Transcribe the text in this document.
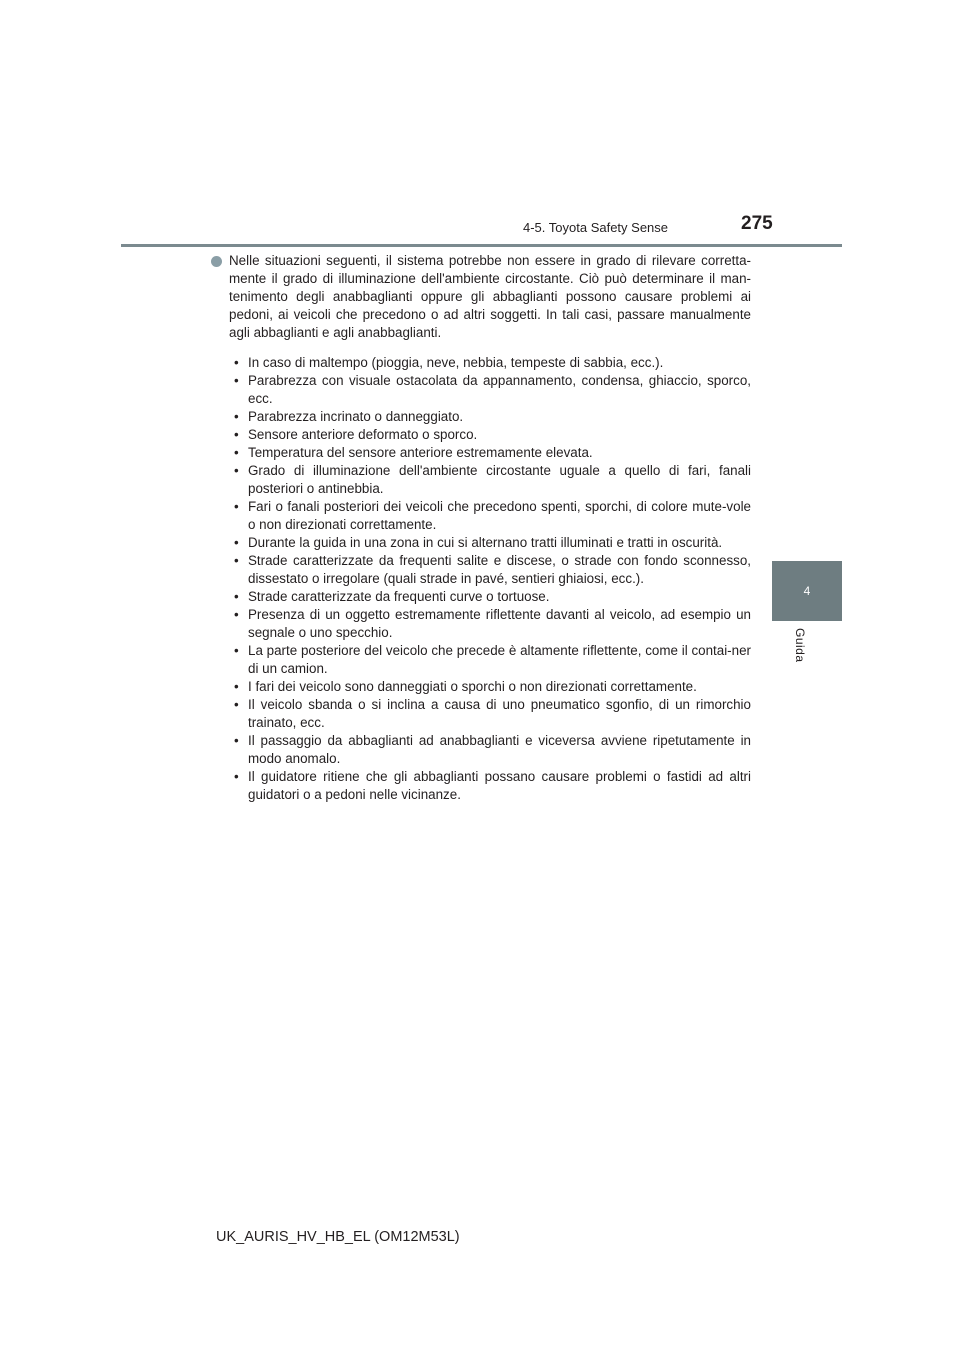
4-5. Toyota Safety Sense	275
4
Guida

Nelle situazioni seguenti, il sistema potrebbe non essere in grado di rilevare corretta-mente il grado di illuminazione dell'ambiente circostante. Ciò può determinare il man-tenimento degli anabbaglianti oppure gli abbaglianti possono causare problemi ai pedoni, ai veicoli che precedono o ad altri soggetti. In tali casi, passare manualmente agli abbaglianti e agli anabbaglianti.

• In caso di maltempo (pioggia, neve, nebbia, tempeste di sabbia, ecc.).
• Parabrezza con visuale ostacolata da appannamento, condensa, ghiaccio, sporco, ecc.
• Parabrezza incrinato o danneggiato.
• Sensore anteriore deformato o sporco.
• Temperatura del sensore anteriore estremamente elevata.
• Grado di illuminazione dell'ambiente circostante uguale a quello di fari, fanali posteriori o antinebbia.
• Fari o fanali posteriori dei veicoli che precedono spenti, sporchi, di colore mute-vole o non direzionati correttamente.
• Durante la guida in una zona in cui si alternano tratti illuminati e tratti in oscurità.
• Strade caratterizzate da frequenti salite e discese, o strade con fondo sconnesso, dissestato o irregolare (quali strade in pavé, sentieri ghiaiosi, ecc.).
• Strade caratterizzate da frequenti curve o tortuose.
• Presenza di un oggetto estremamente riflettente davanti al veicolo, ad esempio un segnale o uno specchio.
• La parte posteriore del veicolo che precede è altamente riflettente, come il contai-ner di un camion.
• I fari dei veicolo sono danneggiati o sporchi o non direzionati correttamente.
• Il veicolo sbanda o si inclina a causa di uno pneumatico sgonfio, di un rimorchio trainato, ecc.
• Il passaggio da abbaglianti ad anabbaglianti e viceversa avviene ripetutamente in modo anomalo.
• Il guidatore ritiene che gli abbaglianti possano causare problemi o fastidi ad altri guidatori o a pedoni nelle vicinanze.
UK_AURIS_HV_HB_EL (OM12M53L)
